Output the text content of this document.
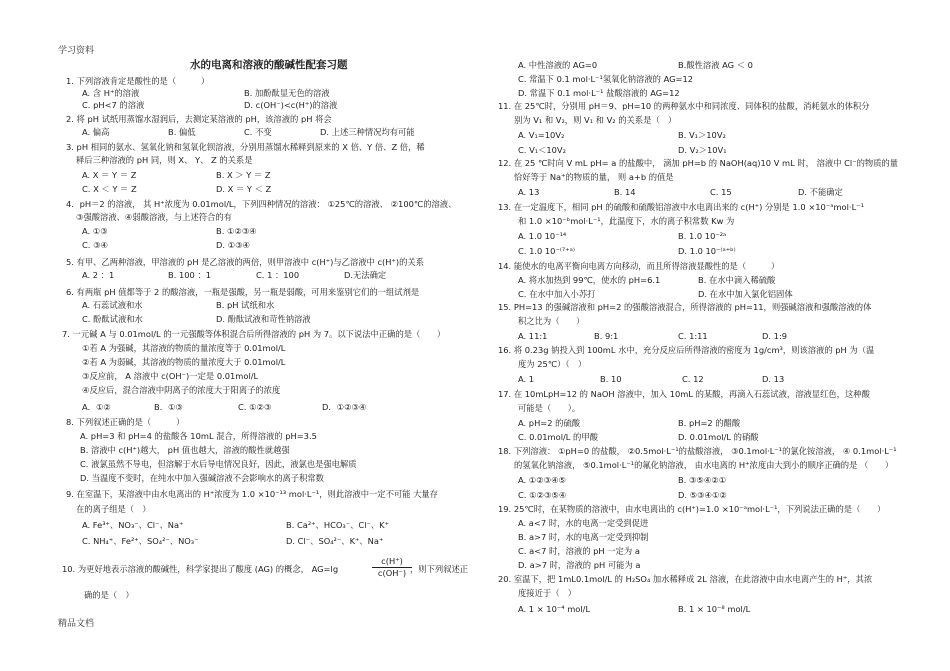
学习资料
精品文档
水的电离和溶液的酸碱性配套习题
1. 下列溶液肯定是酸性的是（　　　）
A. 含 H⁺的溶液	B. 加酚酞显无色的溶液
C. pH<7 的溶液	D. c(OH⁻)<c(H⁺)的溶液
2. 将 pH 试纸用蒸馏水湿润后，去测定某溶液的 pH，该溶液的 pH 将会
A. 偏高	B. 偏低	C. 不变	D. 上述三种情况均有可能
3. pH 相同的氨水、氢氧化钠和氢氧化钡溶液，分别用蒸馏水稀释到原来的 X 倍、Y 倍、Z 倍，稀
释后三种溶液的 pH 同，则 X、 Y、 Z 的关系是
A. X ＝ Y ＝ Z	B. X ＞ Y ＝ Z
C. X ＜ Y ＝ Z	D. X ＝ Y ＜ Z
4．pH＝2 的溶液， 其 H⁺浓度为 0.01mol/L，下列四种情况的溶液： ①25℃的溶液、 ②100℃的溶液、
③强酸溶液、④弱酸溶液，与上述符合的有
A. ①③	B. ①②③④
C. ③④	D. ①③④
5. 有甲、乙两种溶液，甲溶液的 pH 是乙溶液的两倍，则甲溶液中 c(H⁺)与乙溶液中 c(H⁺)的关系
A. 2 ：1	B. 100 ：1	C. 1 ：100	D.无法确定
6. 有两瓶 pH 值都等于 2 的酸溶液，一瓶是强酸，另一瓶是弱酸，可用来鉴别它们的一组试剂是
A. 石蕊试液和水	B. pH 试纸和水
C. 酚酞试液和水	D. 酚酞试液和苛性钠溶液
7. 一元碱 A 与 0.01mol/L 的一元强酸等体积混合后所得溶液的 pH 为 7。以下说法中正确的是（　　）
①若 A 为强碱，其溶液的物质的量浓度等于 0.01mol/L
②若 A 为弱碱，其溶液的物质的量浓度大于 0.01mol/L
③反应前， A 溶液中 c(OH⁻)一定是 0.01mol/L
④反应后，混合溶液中阴离子的浓度大于阳离子的浓度
A．①②	B．①③	C. ①②③	D．①②③④
8. 下列叙述正确的是（　　　）
A. pH=3 和 pH=4 的盐酸各 10mL 混合，所得溶液的 pH=3.5
B. 溶液中 c(H⁺)越大， pH 值也越大，溶液的酸性就越强
C. 液氯虽然不导电，但溶解于水后导电情况良好，因此，液氯也是强电解质
D. 当温度不变时，在纯水中加入强碱溶液不会影响水的离子积常数
9. 在室温下，某溶液中由水电离出的 H⁺浓度为 1.0 ×10⁻¹³ mol·L⁻¹，则此溶液中一定不可能 大量存
在的离子组是（　）
A. Fe³⁺、NO₃⁻、Cl⁻、Na⁺	B. Ca²⁺、HCO₃⁻、Cl⁻、K⁺
C. NH₄⁺、Fe²⁺、SO₄²⁻、NO₃⁻	D. Cl⁻、SO₄²⁻、K⁺、Na⁺
10. 为更好地表示溶液的酸碱性，科学家提出了酸度 (AG) 的概念， AG=lg	，则下列叙述正
确的是（　）
A. 中性溶液的 AG=0	B.酸性溶液 AG ＜ 0
C. 常温下 0.1 mol·L⁻¹氢氧化钠溶液的 AG=12
D. 常温下 0.1 mol·L⁻¹ 盐酸溶液的 AG=12
11. 在 25℃时，分别用 pH＝9、pH=10 的两种氨水中和同浓度、同体积的盐酸，消耗氨水的体积分
别为 V₁ 和 V₂，则 V₁ 和 V₂ 的关系是（　）
A. V₁=10V₂	B. V₁＞10V₂
C. V₁＜10V₂	D. V₂＞10V₁
12. 在 25 ℃时向 V mL pH= a 的盐酸中， 滴加 pH=b 的 NaOH(aq)10 V mL 时， 溶液中 Cl⁻的物质的量
恰好等于 Na⁺的物质的量， 则 a+b 的值是
A. 13	B. 14	C. 15	D. 不能确定
13. 在一定温度下，相同 pH 的硫酸和硫酸铝溶液中水电离出来的 c(H⁺) 分别是 1.0 ×10⁻ᵃmol·L⁻¹
和 1.0 ×10⁻ᵇmol·L⁻¹，此温度下，水的离子积常数 Kw 为
A. 1.0 10⁻¹⁴	B. 1.0 10⁻²ᵃ
C. 1.0 10⁻⁽⁷⁺ᵃ⁾	D. 1.0 10⁻⁽ᵃ⁺ᵇ⁾
14. 能使水的电离平衡向电离方向移动，而且所得溶液显酸性的是（　　　）
A. 将水加热到 99℃，使水的 pH=6.1	B. 在水中滴入稀硫酸
C. 在水中加入小苏打	D. 在水中加入氯化铝固体
15. PH=13 的强碱溶液和 pH=2 的强酸溶液混合，所得溶液的 pH=11，则强碱溶液和强酸溶液的体
积之比为（　　）
A. 11:1	B. 9:1	C. 1:11	D. 1:9
16. 将 0.23g 钠投入到 100mL 水中，充分反应后所得溶液的密度为 1g/cm³，则该溶液的 pH 为（温
度为 25℃）（　）
A. 1	B. 10	C. 12	D. 13
17. 在 10mLpH=12 的 NaOH 溶液中，加入 10mL 的某酸，再滴入石蕊试液，溶液显红色，这种酸
可能是（　　）。
A. pH=2 的硫酸	B. pH=2 的醋酸
C. 0.01mol/L 的甲酸	D. 0.01mol/L 的硝酸
18. 下列溶液： ①pH=0 的盐酸， ②0.5mol·L⁻¹的盐酸溶液， ③0.1mol·L⁻¹的氯化铵溶液， ④ 0.1mol·L⁻¹
的氢氧化钠溶液， ⑤0.1mol·L⁻¹的氟化钠溶液， 由水电离的 H⁺浓度由大到小的顺序正确的是 （　　）
A. ①②③④⑤	B. ③⑤④②①
C. ①②③⑤④	D. ⑤③④①②
19. 25℃时，在某物质的溶液中，由水电离出的 c(H⁺)=1.0 ×10⁻ᵃmol·L⁻¹，下列说法正确的是（　　）
A. a<7 时，水的电离一定受到促进
B. a>7 时，水的电离一定受到抑制
C. a<7 时，溶液的 pH 一定为 a
D. a>7 时，溶液的 pH 可能为 a
20. 室温下，把 1mL0.1mol/L 的 H₂SO₄ 加水稀释成 2L 溶液，在此溶液中由水电离产生的 H⁺，其浓
度接近于（　）
A. 1 × 10⁻⁴ mol/L	B. 1 × 10⁻⁸ mol/L
$\frac{c(H^+)}{c(OH^-)}$
